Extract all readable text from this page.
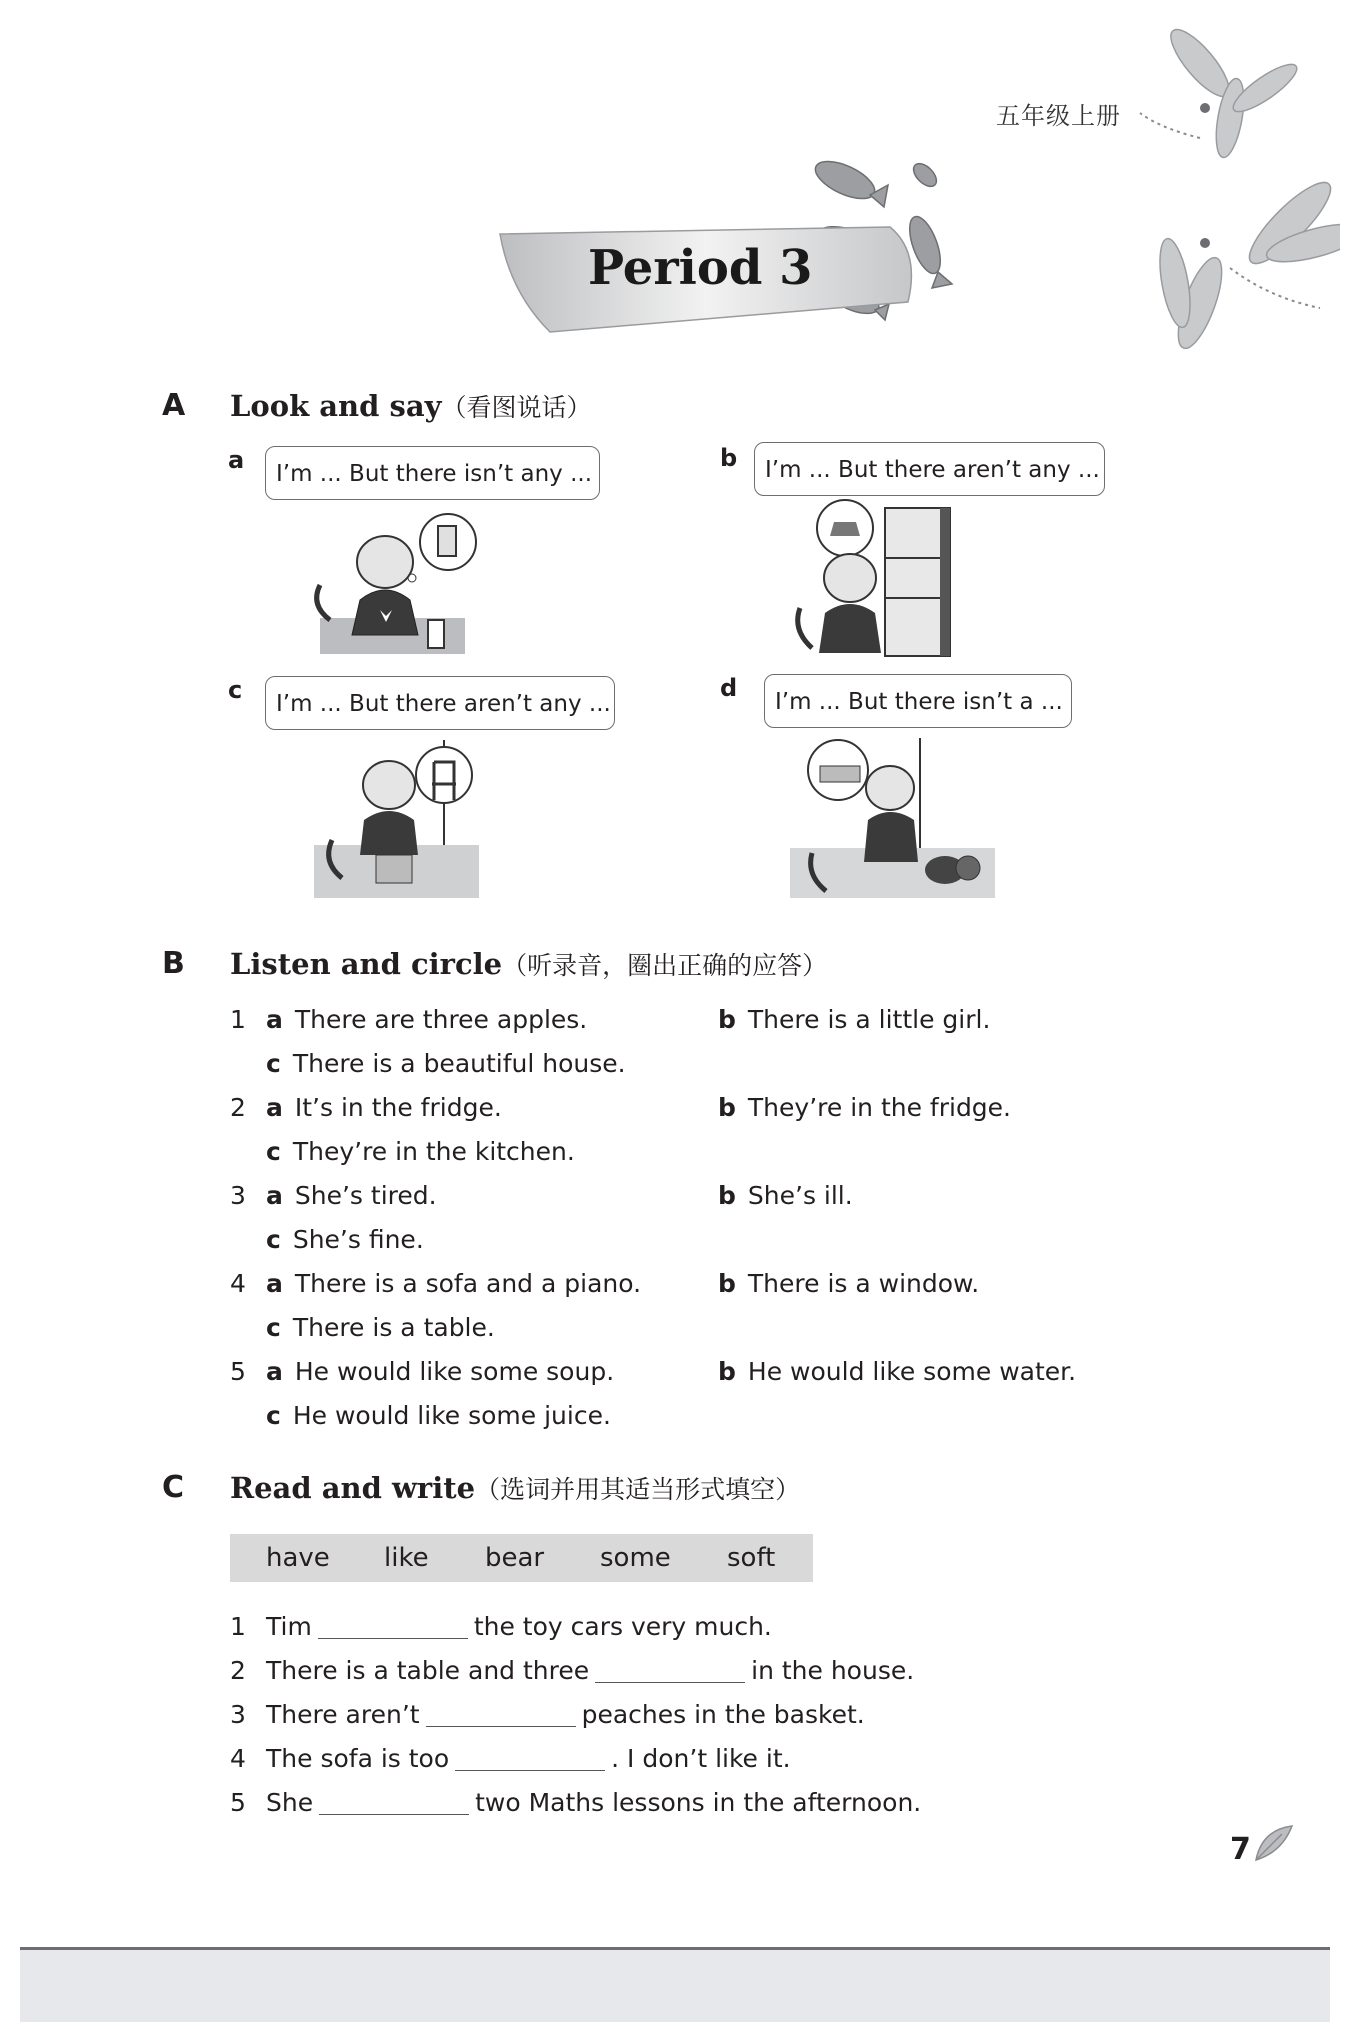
五年级上册
Period 3
A Look and say（看图说话）
a	I’m ... But there isn’t any ...
b	I’m ... But there aren’t any ...
c	I’m ... But there aren’t any ...
d	I’m ... But there isn’t a ...
B Listen and circle（听录音，圈出正确的应答）
1 a There are three apples.	b There is a little girl.
c There is a beautiful house.
2 a It’s in the fridge.	b They’re in the fridge.
c They’re in the kitchen.
3 a She’s tired.	b She’s ill.
c She’s fine.
4 a There is a sofa and a piano.	b There is a window.
c There is a table.
5 a He would like some soup.	b He would like some water.
c He would like some juice.
C Read and write（选词并用其适当形式填空）
have like bear some soft
1 Tim	the toy cars very much.
2 There is a table and three	in the house.
3 There aren’t	peaches in the basket.
4 The sofa is too	. I don’t like it.
5 She	two Maths lessons in the afternoon.
7
